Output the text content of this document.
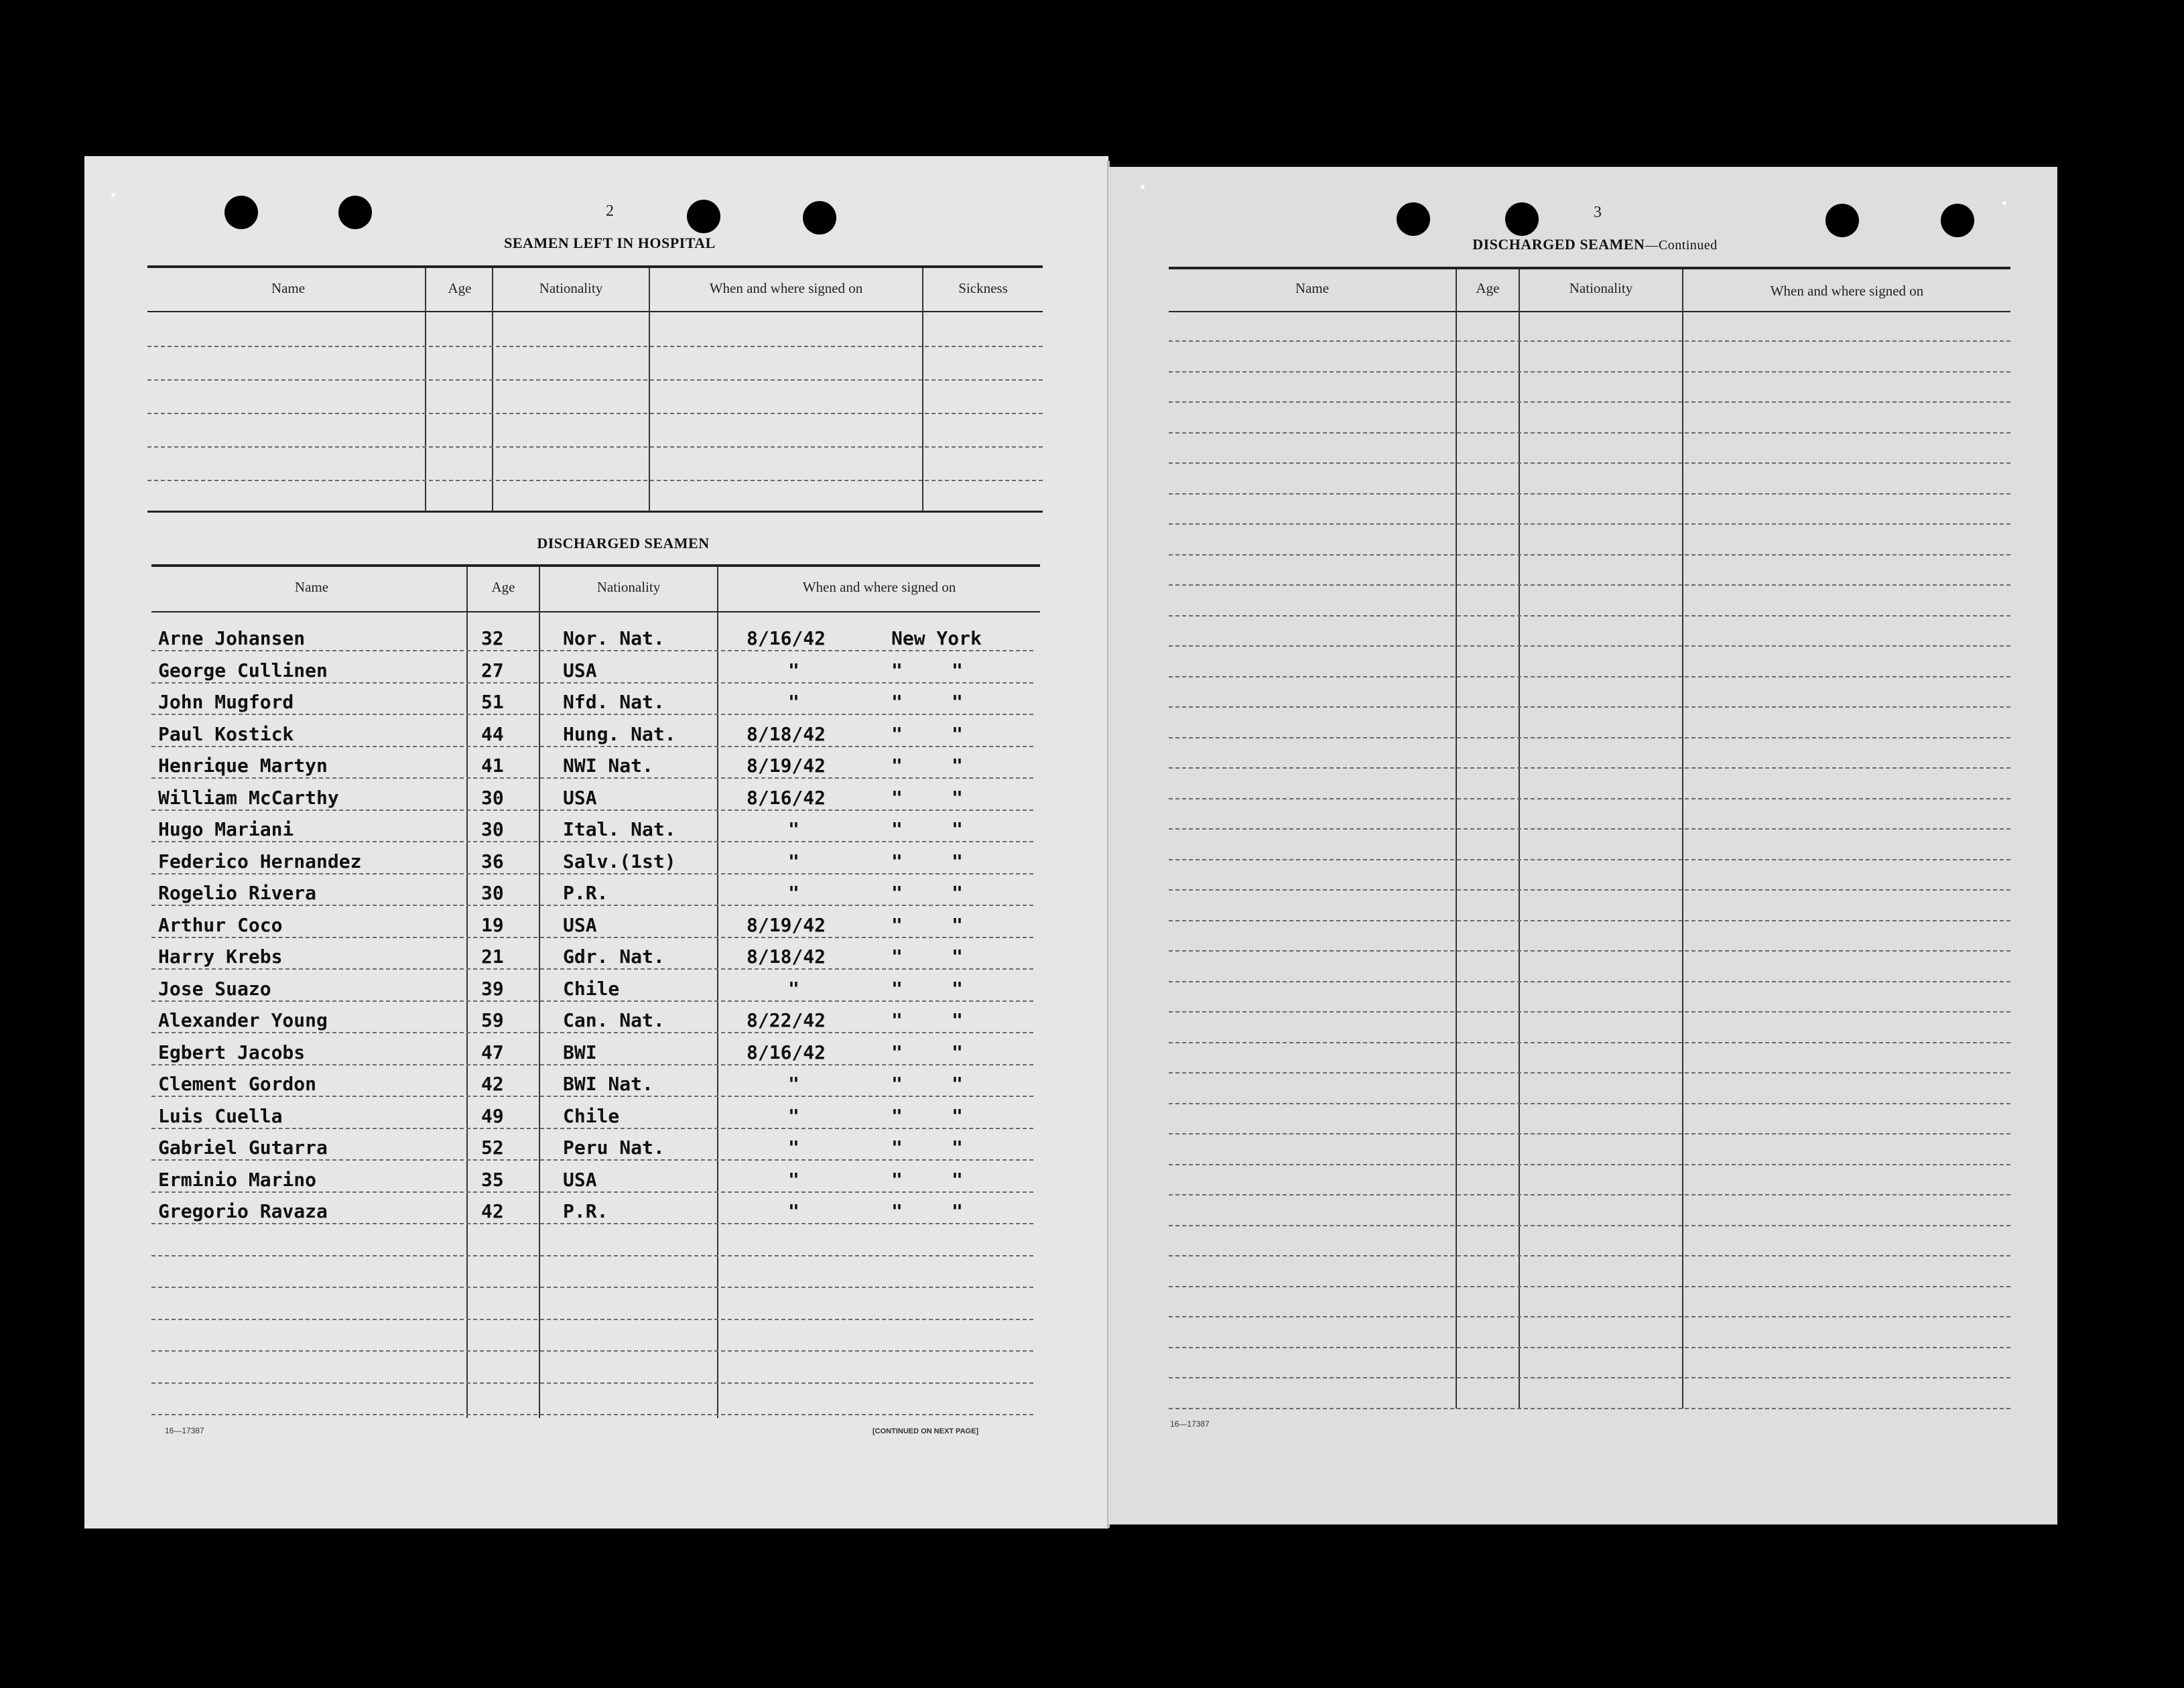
2
SEAMEN LEFT IN HOSPITAL
Name	Age	Nationality	When and where signed on	Sickness
DISCHARGED SEAMEN
Name	Age	Nationality	When and where signed on
Arne Johansen	32	Nor. Nat.	8/16/42	New York
George Cullinen	27	USA	"	"	"
John Mugford	51	Nfd. Nat.	"	"	"
Paul Kostick	44	Hung. Nat.	8/18/42	"	"
Henrique Martyn	41	NWI Nat.	8/19/42	"	"
William McCarthy	30	USA	8/16/42	"	"
Hugo Mariani	30	Ital. Nat.	"	"	"
Federico Hernandez	36	Salv.(1st)	"	"	"
Rogelio Rivera	30	P.R.	"	"	"
Arthur Coco	19	USA	8/19/42	"	"
Harry Krebs	21	Gdr. Nat.	8/18/42	"	"
Jose Suazo	39	Chile	"	"	"
Alexander Young	59	Can. Nat.	8/22/42	"	"
Egbert Jacobs	47	BWI	8/16/42	"	"
Clement Gordon	42	BWI Nat.	"	"	"
Luis Cuella	49	Chile	"	"	"
Gabriel Gutarra	52	Peru Nat.	"	"	"
Erminio Marino	35	USA	"	"	"
Gregorio Ravaza	42	P.R.	"	"	"
16—17387	[CONTINUED ON NEXT PAGE]
3
DISCHARGED SEAMEN—Continued
Name	Age	Nationality	When and where signed on
16—17387
